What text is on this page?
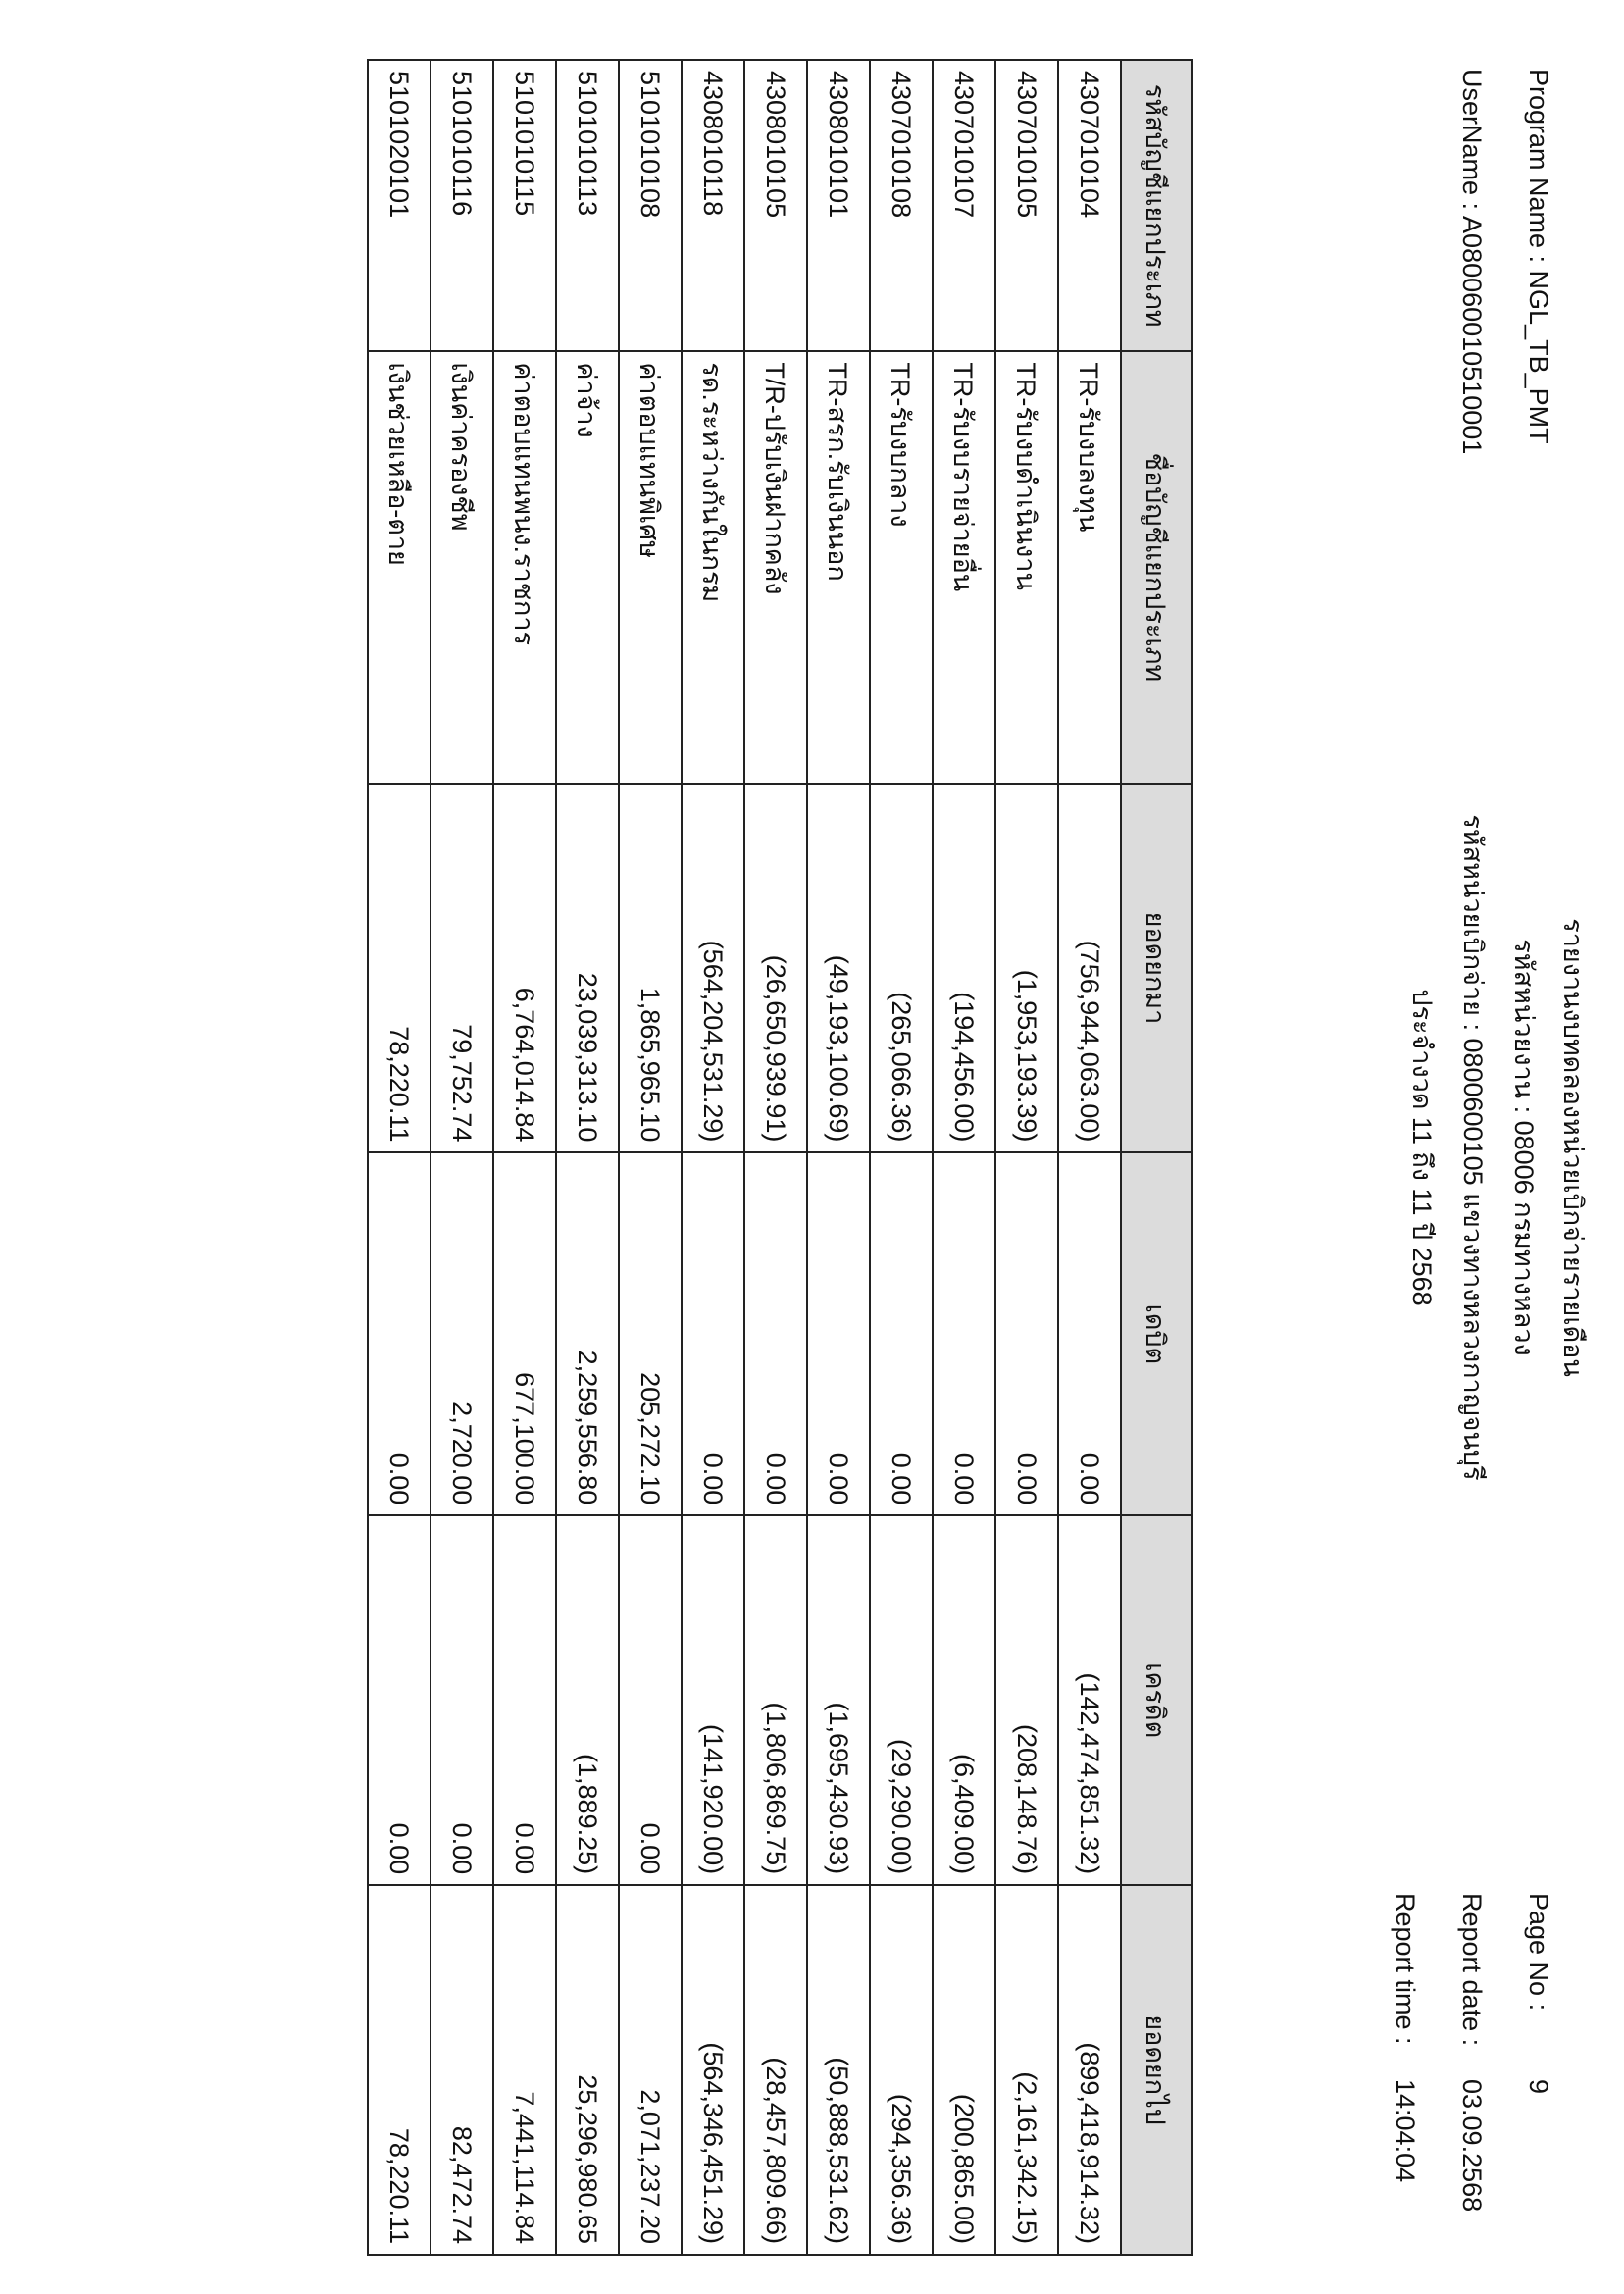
Program Name : NGL_TB_PMT
UserName : A080060010510001
รายงานงบทดลองหน่วยเบิกจ่ายรายเดือน
รหัสหน่วยงาน : 08006 กรมทางหลวง
รหัสหน่วยเบิกจ่าย : 0800600105 แขวงทางหลวงกาญจนบุรี
ประจำงวด 11 ถึง 11 ปี 2568
Page No :
9
Report date :
03.09.2568
Report time :
14:04:04
รหัสบัญชีแยกประเภท	ชื่อบัญชีแยกประเภท	ยอดยกมา	เดบิต	เครดิต	ยอดยกไป
4307010104	TR-รับงบลงทุน	(756,944,063.00)	0.00	(142,474,851.32)	(899,418,914.32)
4307010105	TR-รับงบดำเนินงาน	(1,953,193.39)	0.00	(208,148.76)	(2,161,342.15)
4307010107	TR-รับงบรายจ่ายอื่น	(194,456.00)	0.00	(6,409.00)	(200,865.00)
4307010108	TR-รับงบกลาง	(265,066.36)	0.00	(29,290.00)	(294,356.36)
4308010101	TR-สรก.รับเงินนอก	(49,193,100.69)	0.00	(1,695,430.93)	(50,888,531.62)
4308010105	T/R-ปรับเงินฝากคลัง	(26,650,939.91)	0.00	(1,806,869.75)	(28,457,809.66)
4308010118	รด.ระหว่างกันในกรม	(564,204,531.29)	0.00	(141,920.00)	(564,346,451.29)
5101010108	ค่าตอบแทนพิเศษ	1,865,965.10	205,272.10	0.00	2,071,237.20
5101010113	ค่าจ้าง	23,039,313.10	2,259,556.80	(1,889.25)	25,296,980.65
5101010115	ค่าตอบแทนพนง.ราชการ	6,764,014.84	677,100.00	0.00	7,441,114.84
5101010116	เงินค่าครองชีพ	79,752.74	2,720.00	0.00	82,472.74
5101020101	เงินช่วยเหลือ-ตาย	78,220.11	0.00	0.00	78,220.11
